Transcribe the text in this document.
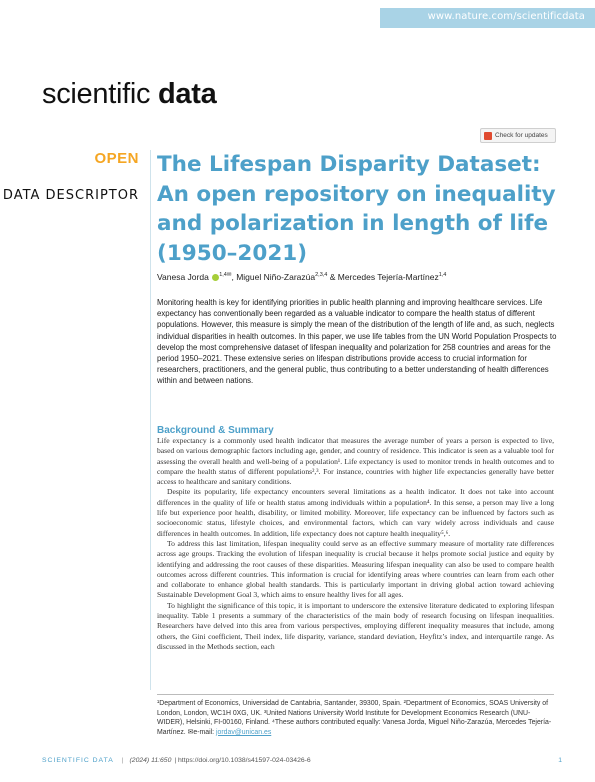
www.nature.com/scientificdata
scientific data
Check for updates
OPEN
DATA DESCRIPTOR
The Lifespan Disparity Dataset: An open repository on inequality and polarization in length of life (1950–2021)
Vanesa Jorda $^{1,4✉}$, Miguel Niño-Zarazúa$^{2,3,4}$ & Mercedes Tejería-Martínez$^{1,4}$

Monitoring health is key for identifying priorities in public health planning and improving healthcare services. Life expectancy has conventionally been regarded as a valuable indicator to compare the health status of different populations. However, this measure is simply the mean of the distribution of the length of life and, as such, neglects individual disparities in health outcomes. In this paper, we use life tables from the UN World Population Prospects to develop the most comprehensive dataset of lifespan inequality and polarization for 258 countries and areas for the period 1950–2021. These extensive series on lifespan distributions provide access to crucial information for researchers, practitioners, and the general public, thus contributing to a better understanding of health differences within and between nations.

Background & Summary

Life expectancy is a commonly used health indicator that measures the average number of years a person is expected to live, based on various demographic factors including age, gender, and country of residence. This indicator is seen as a valuable tool for assessing the overall health and well-being of a population¹. Life expectancy is used to monitor trends in health outcomes and to compare the health status of different populations²,³. For instance, countries with higher life expectancies generally have better access to healthcare and sanitary conditions.

Despite its popularity, life expectancy encounters several limitations as a health indicator. It does not take into account differences in the quality of life or health status among individuals within a population⁴. In this sense, a person may live a long life but experience poor health, disability, or limited mobility. Moreover, life expectancy can be influenced by factors such as socioeconomic status, lifestyle choices, and environmental factors, which can vary widely across individuals and cause differences in health outcomes. In addition, life expectancy does not capture health inequality⁵,⁶.

To address this last limitation, lifespan inequality could serve as an effective summary measure of mortality rate differences across age groups. Tracking the evolution of lifespan inequality is crucial because it helps promote social justice and equity by identifying and addressing the root causes of these disparities. Measuring lifespan inequality can also be used to compare health outcomes across different countries. This information is crucial for identifying areas where countries can learn from each other and collaborate to enhance global health standards. This is particularly important in driving global action toward achieving Sustainable Development Goal 3, which aims to ensure healthy lives for all ages.

To highlight the significance of this topic, it is important to underscore the extensive literature dedicated to exploring lifespan inequality. Table 1 presents a summary of the characteristics of the main body of research focusing on lifespan inequalities. Researchers have delved into this area from various perspectives, employing different inequality measures that include, among others, the Gini coefficient, Theil index, life disparity, variance, standard deviation, Heyfitz’s index, and interquartile range. As discussed in the Methods section, each

¹Department of Economics, Universidad de Cantabria, Santander, 39300, Spain. ²Department of Economics, SOAS University of London, London, WC1H 0XG, UK. ³United Nations University World Institute for Development Economics Research (UNU-WIDER), Helsinki, FI-00160, Finland. ⁴These authors contributed equally: Vanesa Jorda, Miguel Niño-Zarazúa, Mercedes Tejería-Martínez. ✉e-mail: jordav@unican.es
SCIENTIFIC DATA | (2024) 11:650 | https://doi.org/10.1038/s41597-024-03426-6	1
